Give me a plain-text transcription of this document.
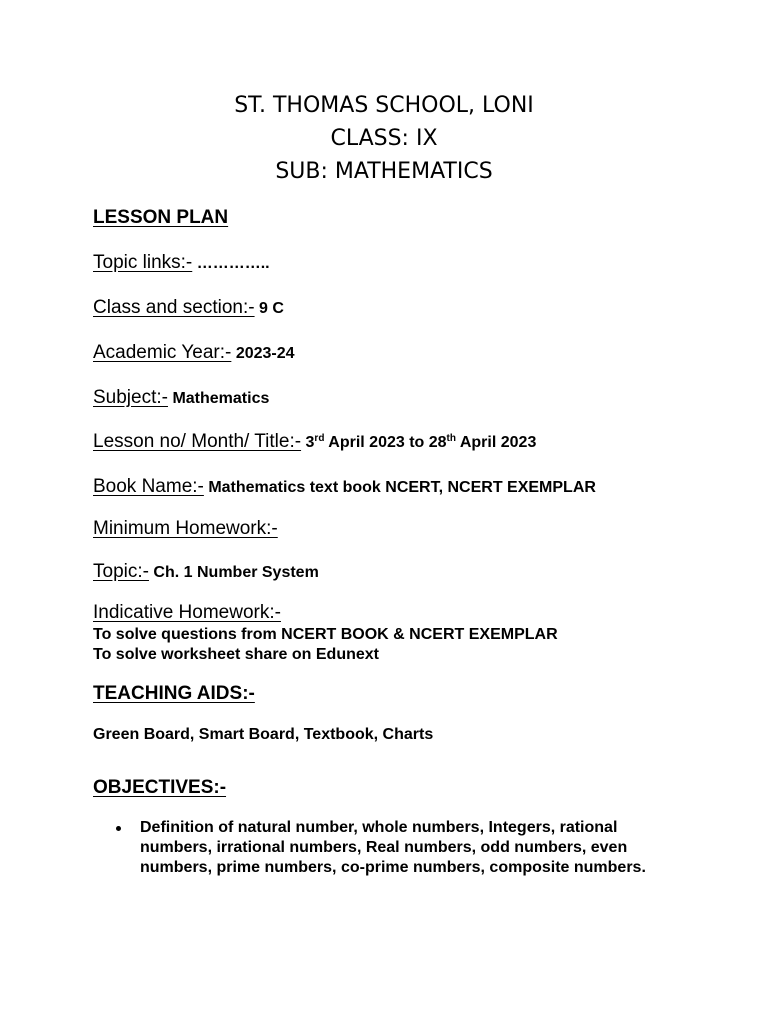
ST. THOMAS SCHOOL, LONI
CLASS: IX
SUB: MATHEMATICS
LESSON PLAN
Topic links:- …………..
Class and section:- 9 C
Academic Year:- 2023-24
Subject:- Mathematics
Lesson no/ Month/ Title:- 3rd April 2023 to 28th April 2023
Book Name:- Mathematics text book NCERT, NCERT EXEMPLAR
Minimum Homework:-
Topic:- Ch. 1 Number System
Indicative Homework:-
To solve questions from NCERT BOOK & NCERT EXEMPLAR
To solve worksheet share on Edunext
TEACHING AIDS:-
Green Board, Smart Board, Textbook, Charts
OBJECTIVES:-
Definition of natural number, whole numbers, Integers, rational numbers, irrational numbers, Real numbers, odd numbers, even numbers, prime numbers, co-prime numbers, composite numbers.
